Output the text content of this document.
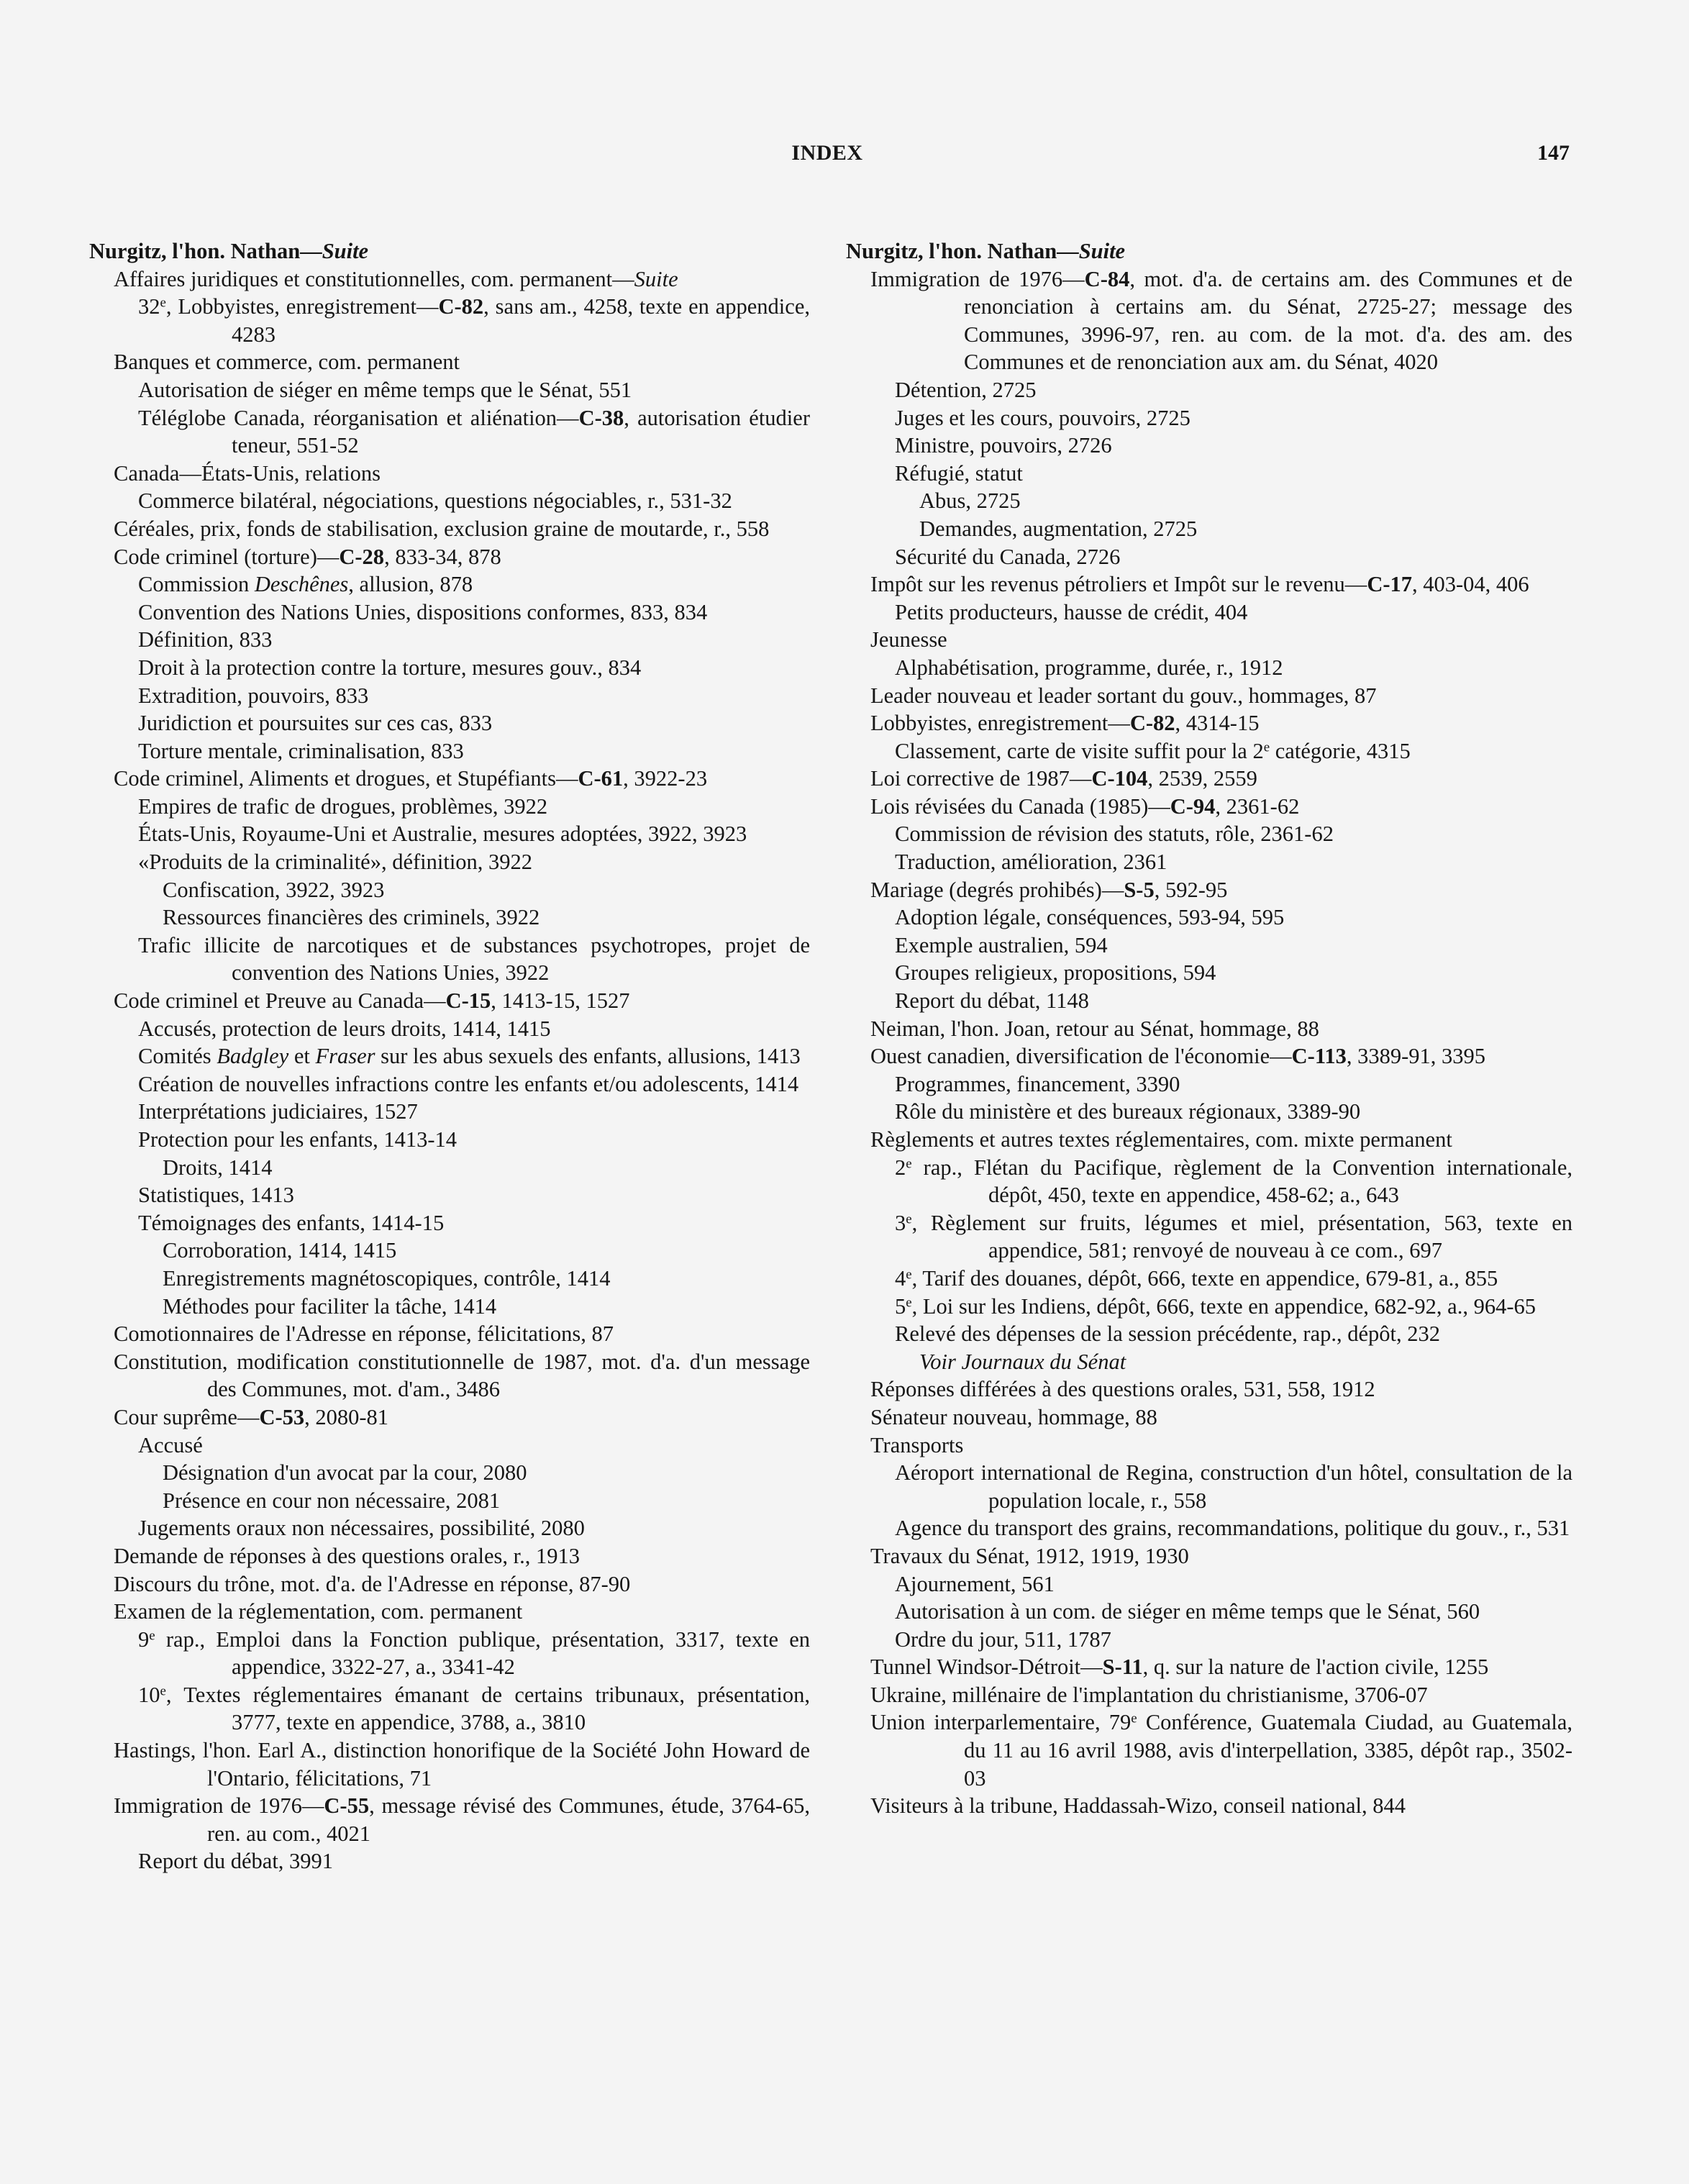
INDEX	147
Nurgitz, l'hon. Nathan—Suite
Affaires juridiques et constitutionnelles, com. permanent—Suite
32e, Lobbyistes, enregistrement—C-82, sans am., 4258, texte en appendice, 4283
Banques et commerce, com. permanent
Autorisation de siéger en même temps que le Sénat, 551
Téléglobe Canada, réorganisation et aliénation—C-38, autorisation étudier teneur, 551-52
Canada—États-Unis, relations
Commerce bilatéral, négociations, questions négociables, r., 531-32
Céréales, prix, fonds de stabilisation, exclusion graine de moutarde, r., 558
Code criminel (torture)—C-28, 833-34, 878
Commission Deschênes, allusion, 878
Convention des Nations Unies, dispositions conformes, 833, 834
Définition, 833
Droit à la protection contre la torture, mesures gouv., 834
Extradition, pouvoirs, 833
Juridiction et poursuites sur ces cas, 833
Torture mentale, criminalisation, 833
Code criminel, Aliments et drogues, et Stupéfiants—C-61, 3922-23
Empires de trafic de drogues, problèmes, 3922
États-Unis, Royaume-Uni et Australie, mesures adoptées, 3922, 3923
«Produits de la criminalité», définition, 3922
Confiscation, 3922, 3923
Ressources financières des criminels, 3922
Trafic illicite de narcotiques et de substances psychotropes, projet de convention des Nations Unies, 3922
Code criminel et Preuve au Canada—C-15, 1413-15, 1527
Accusés, protection de leurs droits, 1414, 1415
Comités Badgley et Fraser sur les abus sexuels des enfants, allusions, 1413
Création de nouvelles infractions contre les enfants et/ou adolescents, 1414
Interprétations judiciaires, 1527
Protection pour les enfants, 1413-14
Droits, 1414
Statistiques, 1413
Témoignages des enfants, 1414-15
Corroboration, 1414, 1415
Enregistrements magnétoscopiques, contrôle, 1414
Méthodes pour faciliter la tâche, 1414
Comotionnaires de l'Adresse en réponse, félicitations, 87
Constitution, modification constitutionnelle de 1987, mot. d'a. d'un message des Communes, mot. d'am., 3486
Cour suprême—C-53, 2080-81
Accusé
Désignation d'un avocat par la cour, 2080
Présence en cour non nécessaire, 2081
Jugements oraux non nécessaires, possibilité, 2080
Demande de réponses à des questions orales, r., 1913
Discours du trône, mot. d'a. de l'Adresse en réponse, 87-90
Examen de la réglementation, com. permanent
9e rap., Emploi dans la Fonction publique, présentation, 3317, texte en appendice, 3322-27, a., 3341-42
10e, Textes réglementaires émanant de certains tribunaux, présentation, 3777, texte en appendice, 3788, a., 3810
Hastings, l'hon. Earl A., distinction honorifique de la Société John Howard de l'Ontario, félicitations, 71
Immigration de 1976—C-55, message révisé des Communes, étude, 3764-65, ren. au com., 4021
Report du débat, 3991
Nurgitz, l'hon. Nathan—Suite
Immigration de 1976—C-84, mot. d'a. de certains am. des Communes et de renonciation à certains am. du Sénat, 2725-27; message des Communes, 3996-97, ren. au com. de la mot. d'a. des am. des Communes et de renonciation aux am. du Sénat, 4020
Détention, 2725
Juges et les cours, pouvoirs, 2725
Ministre, pouvoirs, 2726
Réfugié, statut
Abus, 2725
Demandes, augmentation, 2725
Sécurité du Canada, 2726
Impôt sur les revenus pétroliers et Impôt sur le revenu—C-17, 403-04, 406
Petits producteurs, hausse de crédit, 404
Jeunesse
Alphabétisation, programme, durée, r., 1912
Leader nouveau et leader sortant du gouv., hommages, 87
Lobbyistes, enregistrement—C-82, 4314-15
Classement, carte de visite suffit pour la 2e catégorie, 4315
Loi corrective de 1987—C-104, 2539, 2559
Lois révisées du Canada (1985)—C-94, 2361-62
Commission de révision des statuts, rôle, 2361-62
Traduction, amélioration, 2361
Mariage (degrés prohibés)—S-5, 592-95
Adoption légale, conséquences, 593-94, 595
Exemple australien, 594
Groupes religieux, propositions, 594
Report du débat, 1148
Neiman, l'hon. Joan, retour au Sénat, hommage, 88
Ouest canadien, diversification de l'économie—C-113, 3389-91, 3395
Programmes, financement, 3390
Rôle du ministère et des bureaux régionaux, 3389-90
Règlements et autres textes réglementaires, com. mixte permanent
2e rap., Flétan du Pacifique, règlement de la Convention internationale, dépôt, 450, texte en appendice, 458-62; a., 643
3e, Règlement sur fruits, légumes et miel, présentation, 563, texte en appendice, 581; renvoyé de nouveau à ce com., 697
4e, Tarif des douanes, dépôt, 666, texte en appendice, 679-81, a., 855
5e, Loi sur les Indiens, dépôt, 666, texte en appendice, 682-92, a., 964-65
Relevé des dépenses de la session précédente, rap., dépôt, 232
Voir Journaux du Sénat
Réponses différées à des questions orales, 531, 558, 1912
Sénateur nouveau, hommage, 88
Transports
Aéroport international de Regina, construction d'un hôtel, consultation de la population locale, r., 558
Agence du transport des grains, recommandations, politique du gouv., r., 531
Travaux du Sénat, 1912, 1919, 1930
Ajournement, 561
Autorisation à un com. de siéger en même temps que le Sénat, 560
Ordre du jour, 511, 1787
Tunnel Windsor-Détroit—S-11, q. sur la nature de l'action civile, 1255
Ukraine, millénaire de l'implantation du christianisme, 3706-07
Union interparlementaire, 79e Conférence, Guatemala Ciudad, au Guatemala, du 11 au 16 avril 1988, avis d'interpellation, 3385, dépôt rap., 3502-03
Visiteurs à la tribune, Haddassah-Wizo, conseil national, 844
